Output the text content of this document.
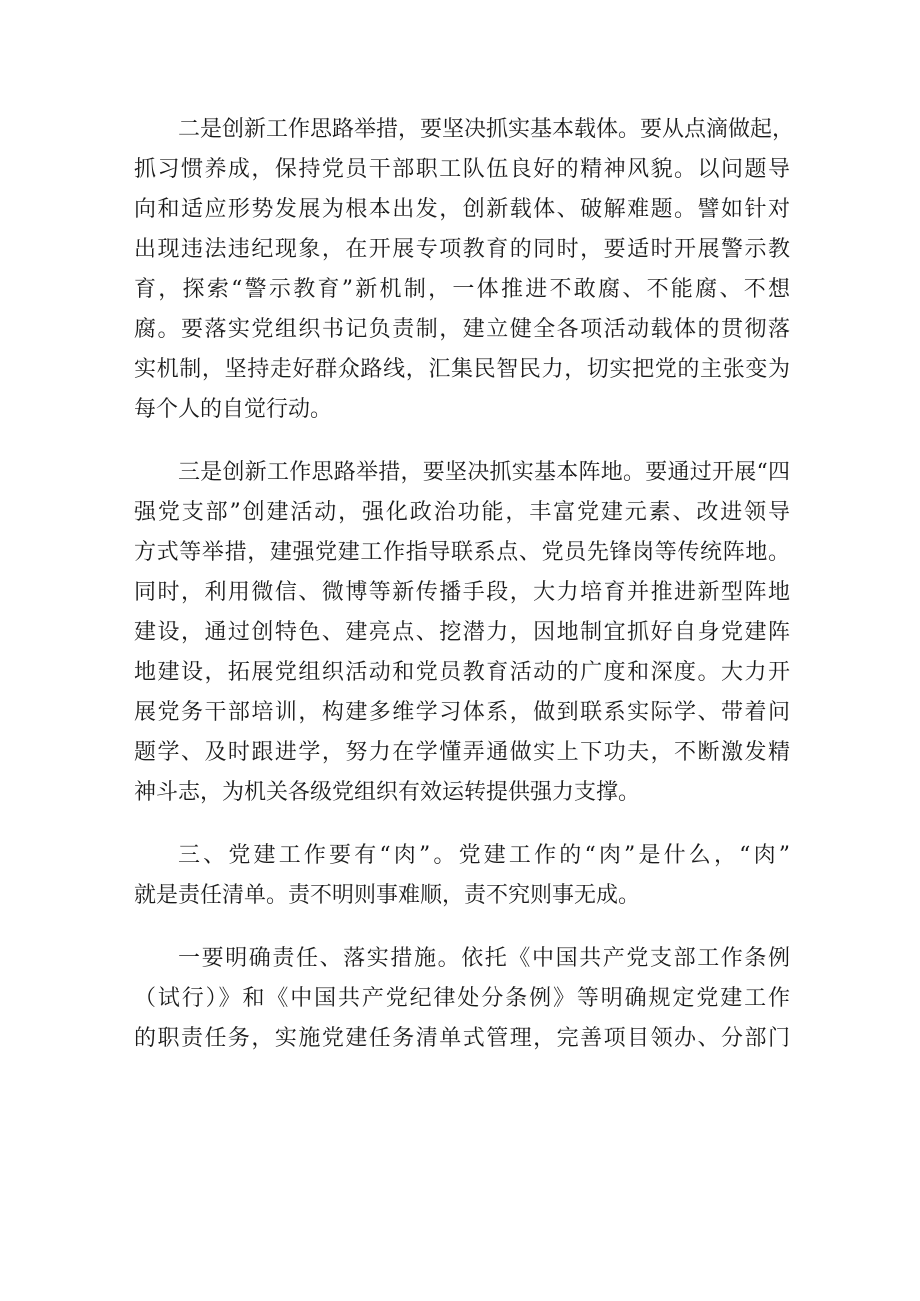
二是创新工作思路举措，要坚决抓实基本载体。要从点滴做起，
抓习惯养成，保持党员干部职工队伍良好的精神风貌。以问题导
向和适应形势发展为根本出发，创新载体、破解难题。譬如针对
出现违法违纪现象，在开展专项教育的同时，要适时开展警示教
育，探索“警示教育”新机制，一体推进不敢腐、不能腐、不想
腐。要落实党组织书记负责制，建立健全各项活动载体的贯彻落
实机制，坚持走好群众路线，汇集民智民力，切实把党的主张变为
每个人的自觉行动。
三是创新工作思路举措，要坚决抓实基本阵地。要通过开展“四
强党支部”创建活动，强化政治功能，丰富党建元素、改进领导
方式等举措，建强党建工作指导联系点、党员先锋岗等传统阵地。
同时，利用微信、微博等新传播手段，大力培育并推进新型阵地
建设，通过创特色、建亮点、挖潜力，因地制宜抓好自身党建阵
地建设，拓展党组织活动和党员教育活动的广度和深度。大力开
展党务干部培训，构建多维学习体系，做到联系实际学、带着问
题学、及时跟进学，努力在学懂弄通做实上下功夫，不断激发精
神斗志，为机关各级党组织有效运转提供强力支撑。
三、党建工作要有“肉”。党建工作的“肉”是什么，“肉”
就是责任清单。责不明则事难顺，责不究则事无成。
一要明确责任、落实措施。依托《中国共产党支部工作条例
（试行）》和《中国共产党纪律处分条例》等明确规定党建工作
的职责任务，实施党建任务清单式管理，完善项目领办、分部门
